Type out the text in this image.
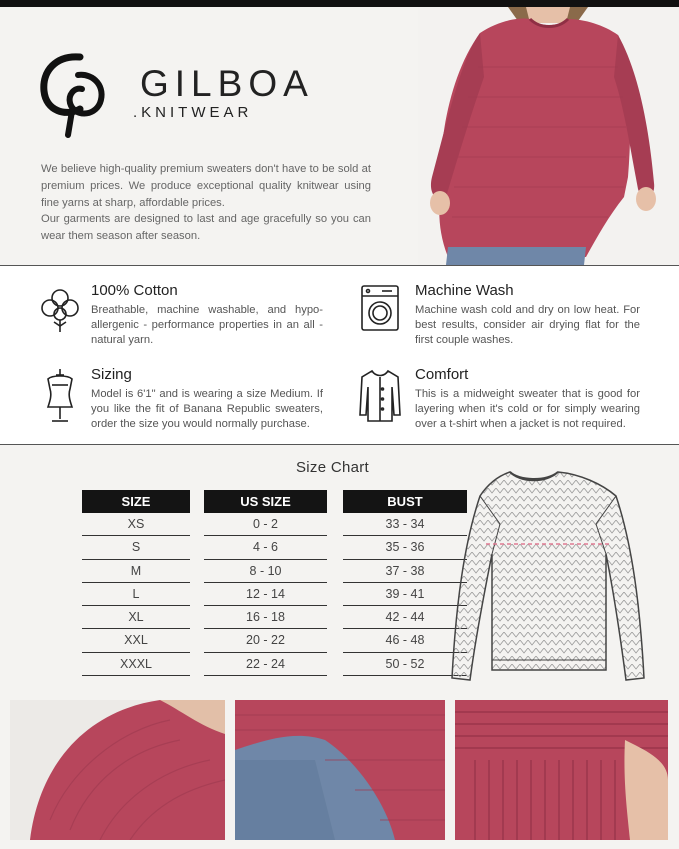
GILBOA
.KNITWEAR

We believe high-quality premium sweaters don't have to be sold at premium prices. We produce exceptional quality knitwear using fine yarns at sharp, affordable prices.

Our garments are designed to last and age gracefully so you can wear them season after season.

100% Cotton
Breathable, machine washable, and hypo-allergenic - performance properties in an all - natural yarn.
Machine Wash
Machine wash cold and dry on low heat. For best results, consider air drying flat for the first couple washes.
Sizing
Model is 6'1" and is wearing a size Medium. If you like the fit of Banana Republic sweaters, order the size you would normally purchase.
Comfort
This is a midweight sweater that is good for layering when it's cold or for simply wearing over a t-shirt when a jacket is not required.
Size Chart
SIZE
XS
S
M
L
XL
XXL
XXXL
US SIZE
0 - 2
4 - 6
8 - 10
12 - 14
16 - 18
20 - 22
22 - 24
BUST
33 - 34
35 - 36
37 - 38
39 - 41
42 - 44
46 - 48
50 - 52
